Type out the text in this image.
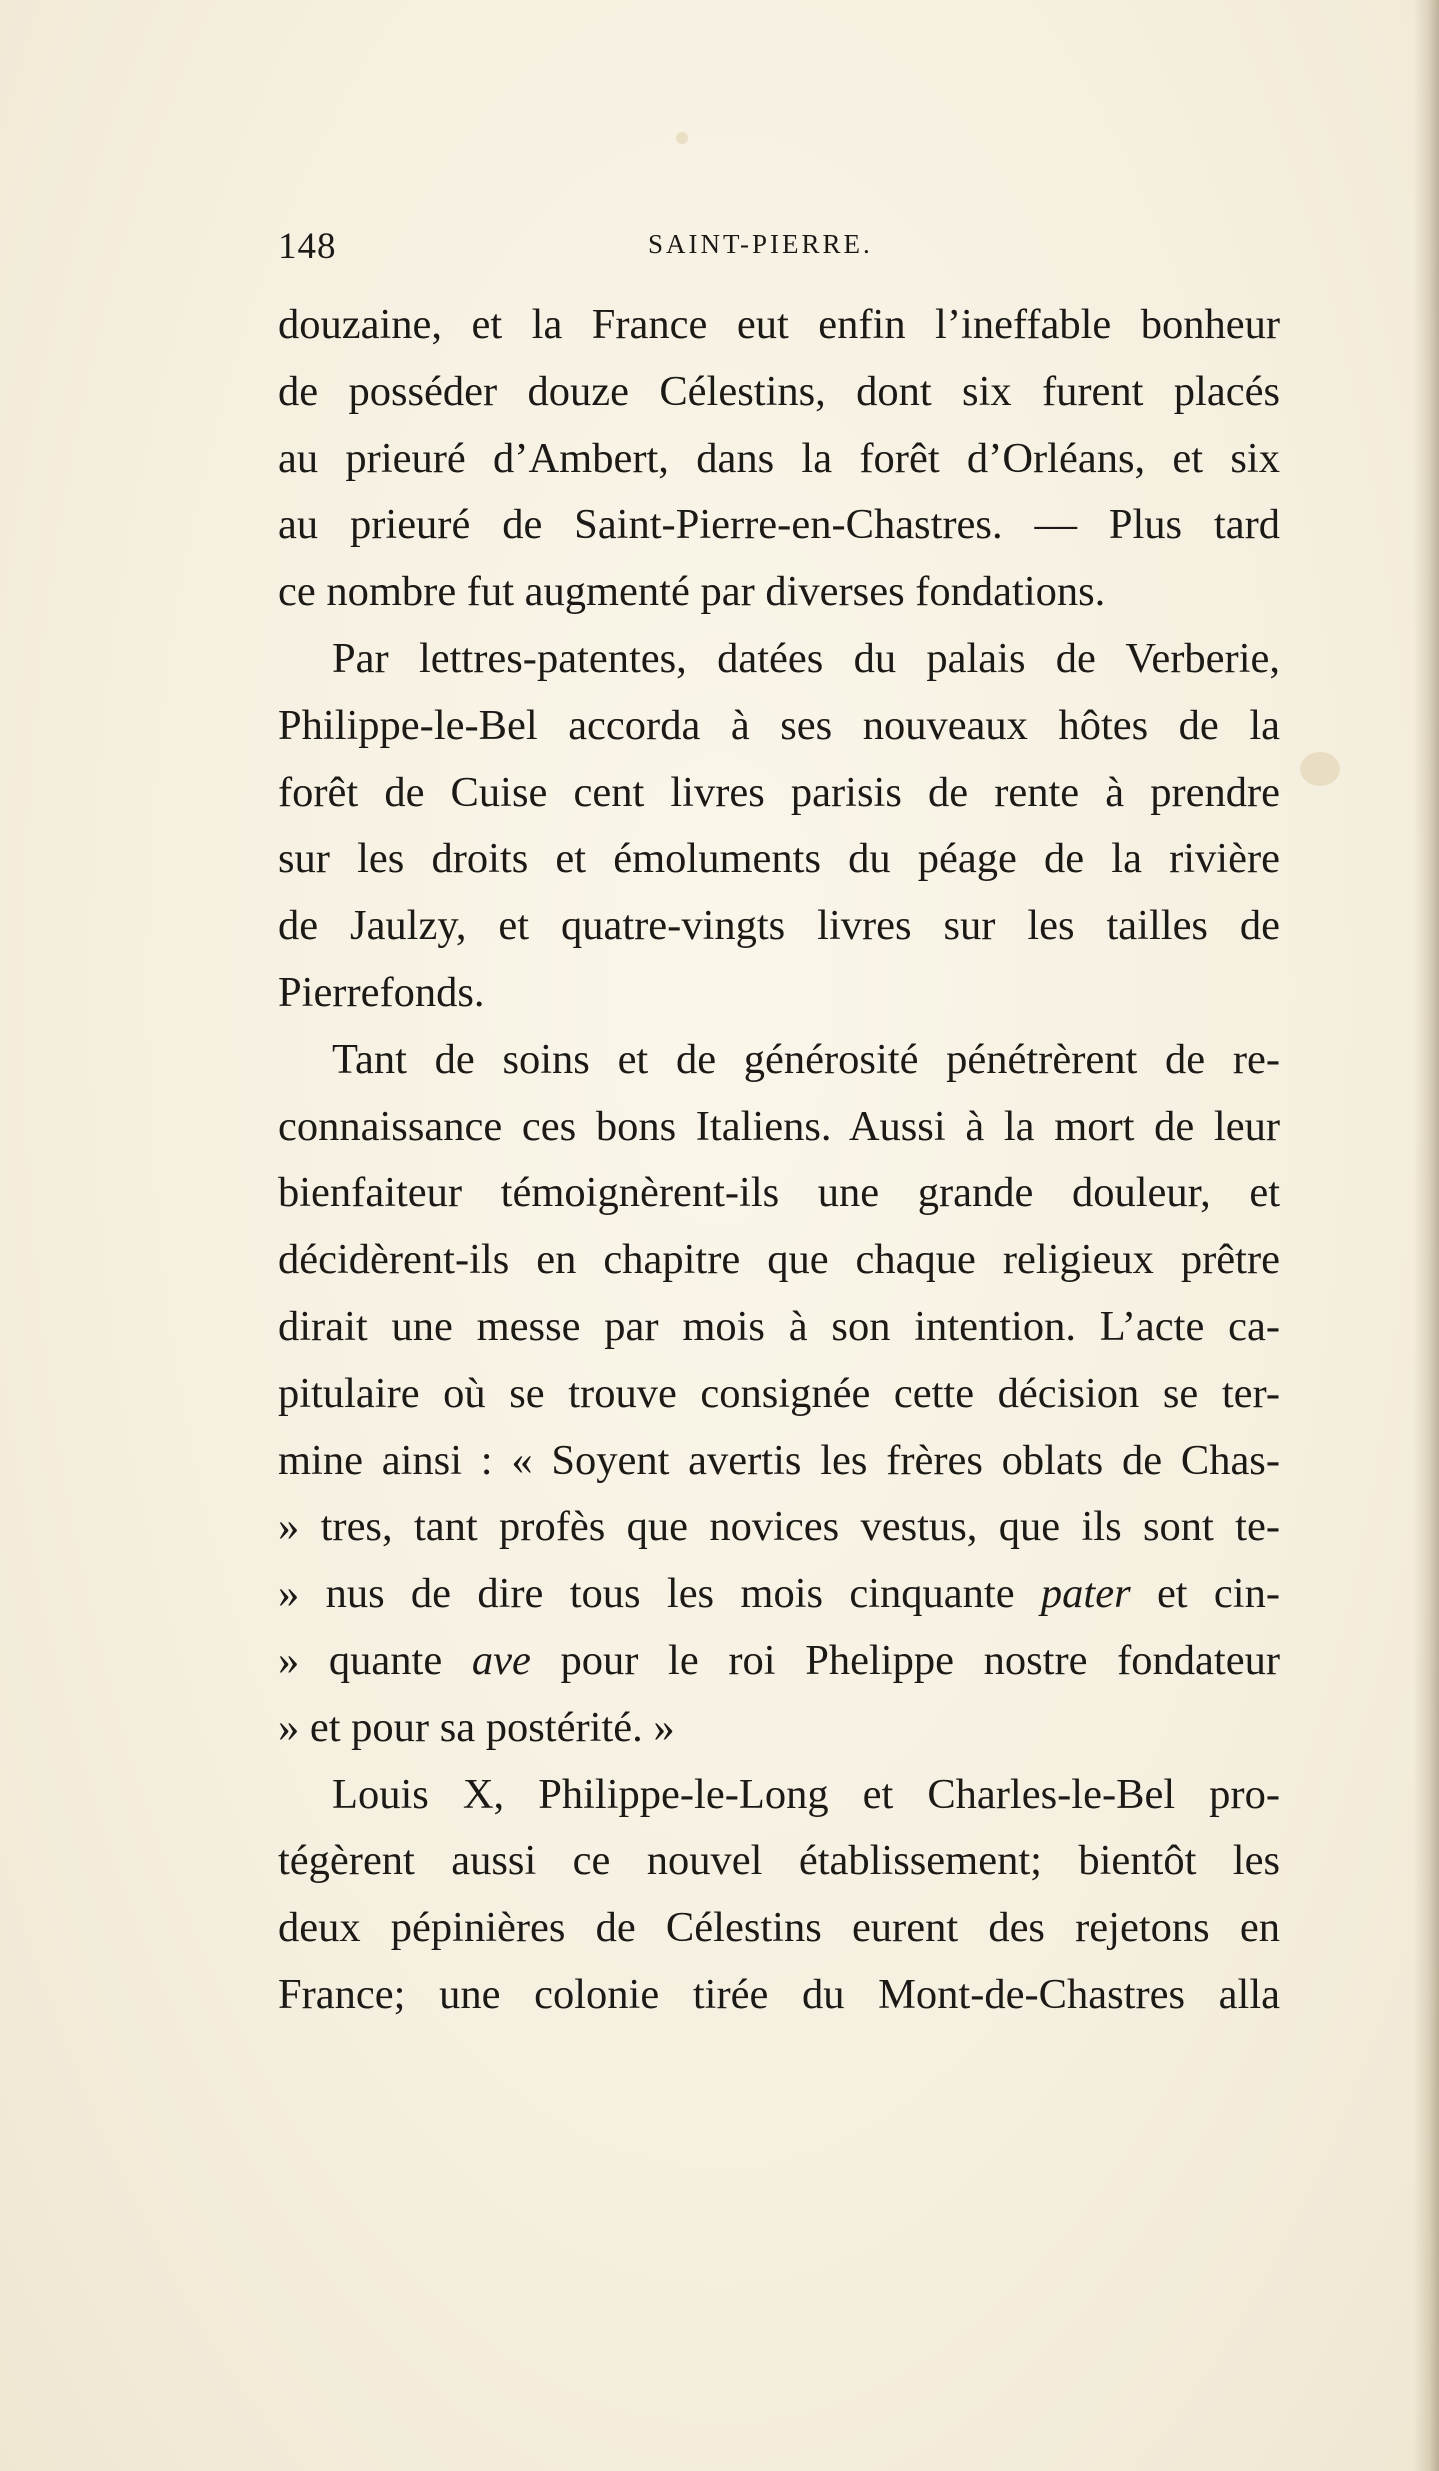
148	SAINT-PIERRE.
douzaine, et la France eut enfin l’ineffable bonheur
de posséder douze Célestins, dont six furent placés
au prieuré d’Ambert, dans la forêt d’Orléans, et six
au prieuré de Saint-Pierre-en-Chastres. — Plus tard
ce nombre fut augmenté par diverses fondations.
Par lettres-patentes, datées du palais de Verberie,
Philippe-le-Bel accorda à ses nouveaux hôtes de la
forêt de Cuise cent livres parisis de rente à prendre
sur les droits et émoluments du péage de la rivière
de Jaulzy, et quatre-vingts livres sur les tailles de
Pierrefonds.
Tant de soins et de générosité pénétrèrent de re-
connaissance ces bons Italiens. Aussi à la mort de leur
bienfaiteur témoignèrent-ils une grande douleur, et
décidèrent-ils en chapitre que chaque religieux prêtre
dirait une messe par mois à son intention. L’acte ca-
pitulaire où se trouve consignée cette décision se ter-
mine ainsi : « Soyent avertis les frères oblats de Chas-
» tres, tant profès que novices vestus, que ils sont te-
» nus de dire tous les mois cinquante pater et cin-
» quante ave pour le roi Phelippe nostre fondateur
» et pour sa postérité. »
Louis X, Philippe-le-Long et Charles-le-Bel pro-
tégèrent aussi ce nouvel établissement; bientôt les
deux pépinières de Célestins eurent des rejetons en
France; une colonie tirée du Mont-de-Chastres alla
